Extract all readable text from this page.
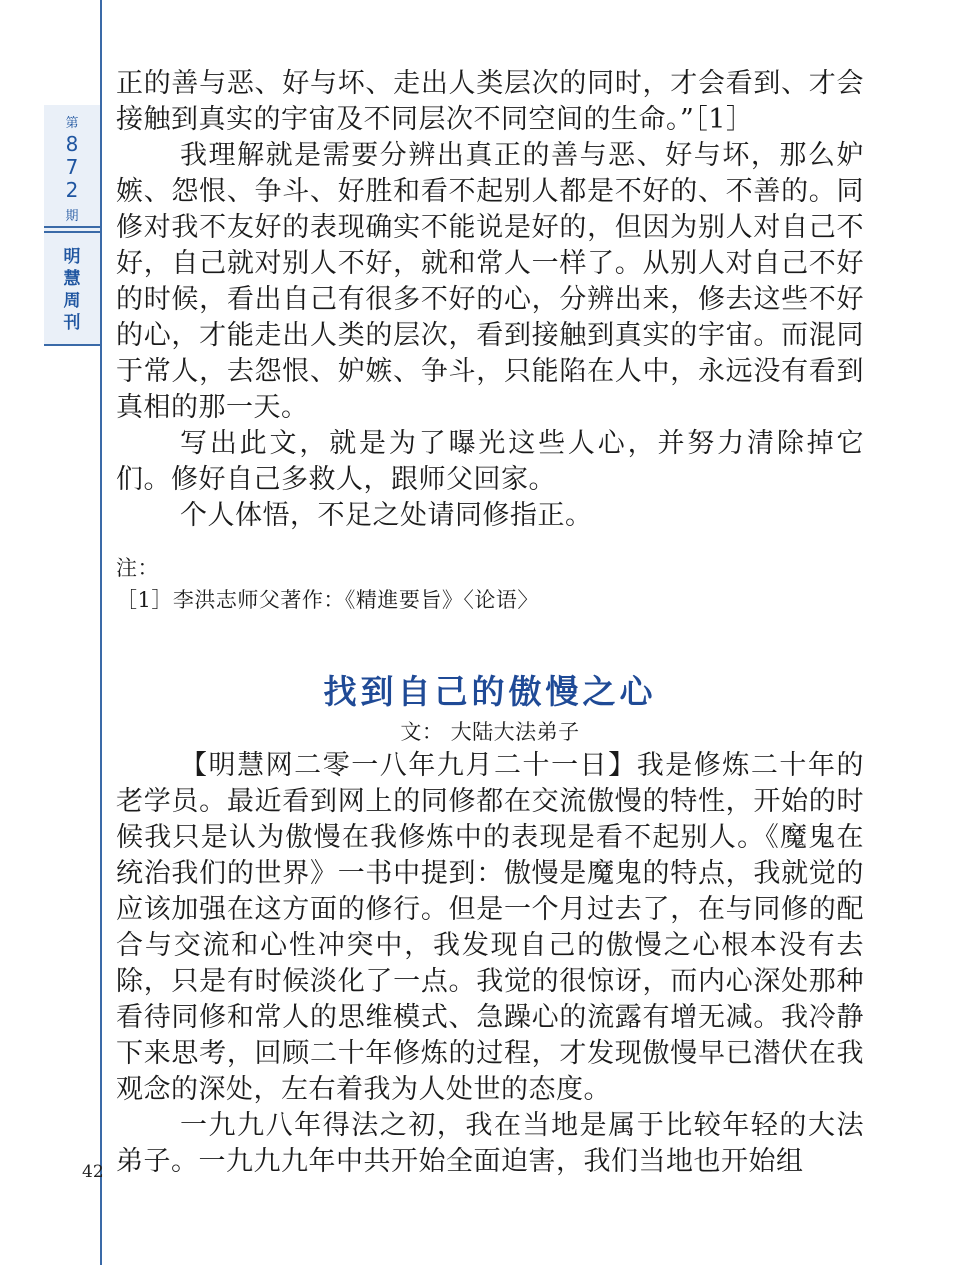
第
8
7
2
期
明
慧
周
刊
42

正的善与恶、好与坏、走出人类层次的同时，才会看到、才会接触到真实的宇宙及不同层次不同空间的生命。”［1］

我理解就是需要分辨出真正的善与恶、好与坏，那么妒嫉、怨恨、争斗、好胜和看不起别人都是不好的、不善的。同修对我不友好的表现确实不能说是好的，但因为别人对自己不好，自己就对别人不好，就和常人一样了。从别人对自己不好的时候，看出自己有很多不好的心，分辨出来，修去这些不好的心，才能走出人类的层次，看到接触到真实的宇宙。而混同于常人，去怨恨、妒嫉、争斗，只能陷在人中，永远没有看到真相的那一天。

写出此文，就是为了曝光这些人心，并努力清除掉它们。修好自己多救人，跟师父回家。

个人体悟，不足之处请同修指正。

注：

［1］李洪志师父著作：《精進要旨》〈论语〉

找到自己的傲慢之心
文： 大陆大法弟子

【明慧网二零一八年九月二十一日】我是修炼二十年的老学员。最近看到网上的同修都在交流傲慢的特性，开始的时候我只是认为傲慢在我修炼中的表现是看不起别人。《魔鬼在统治我们的世界》一书中提到：傲慢是魔鬼的特点，我就觉的应该加强在这方面的修行。但是一个月过去了，在与同修的配合与交流和心性冲突中，我发现自己的傲慢之心根本没有去除，只是有时候淡化了一点。我觉的很惊讶，而内心深处那种看待同修和常人的思维模式、急躁心的流露有增无减。我冷静下来思考，回顾二十年修炼的过程，才发现傲慢早已潜伏在我观念的深处，左右着我为人处世的态度。

一九九八年得法之初，我在当地是属于比较年轻的大法弟子。一九九九年中共开始全面迫害，我们当地也开始组
